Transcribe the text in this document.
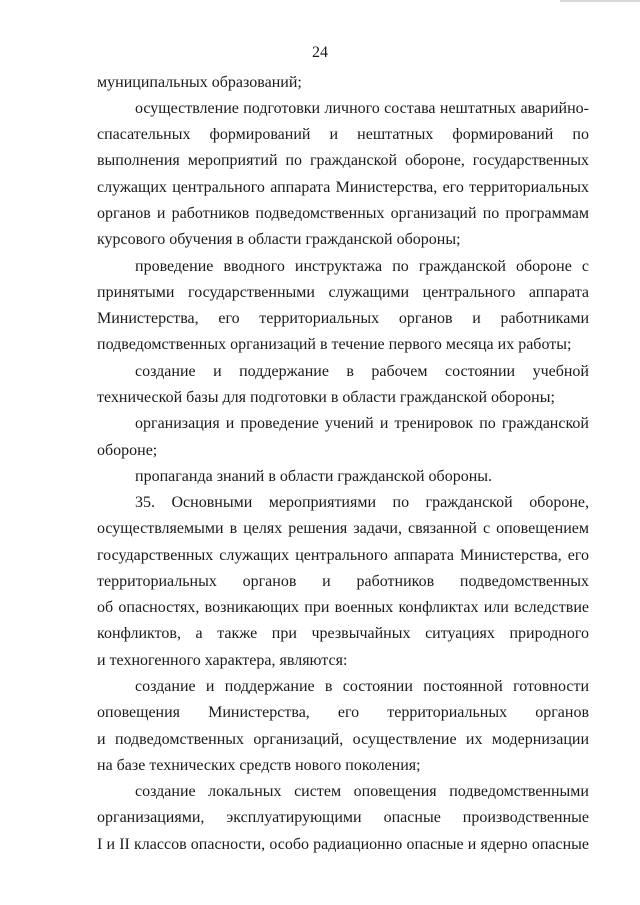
24
муниципальных образований;
осуществление подготовки личного состава нештатных аварийно-
спасательных формирований и нештатных формирований по
выполнения мероприятий по гражданской обороне, государственных
служащих центрального аппарата Министерства, его территориальных
органов и работников подведомственных организаций по программам
курсового обучения в области гражданской обороны;
проведение вводного инструктажа по гражданской обороне с
принятыми государственными служащими центрального аппарата
Министерства, его территориальных органов и работниками
подведомственных организаций в течение первого месяца их работы;
создание и поддержание в рабочем состоянии учебной
технической базы для подготовки в области гражданской обороны;
организация и проведение учений и тренировок по гражданской
обороне;
пропаганда знаний в области гражданской обороны.
35. Основными мероприятиями по гражданской обороне,
осуществляемыми в целях решения задачи, связанной с оповещением
государственных служащих центрального аппарата Министерства, его
территориальных органов и работников подведомственных
об опасностях, возникающих при военных конфликтах или вследствие
конфликтов, а также при чрезвычайных ситуациях природного
и техногенного характера, являются:
создание и поддержание в состоянии постоянной готовности
оповещения Министерства, его территориальных органов
и подведомственных организаций, осуществление их модернизации
на базе технических средств нового поколения;
создание локальных систем оповещения подведомственными
организациями, эксплуатирующими опасные производственные
I и II классов опасности, особо радиационно опасные и ядерно опасные
